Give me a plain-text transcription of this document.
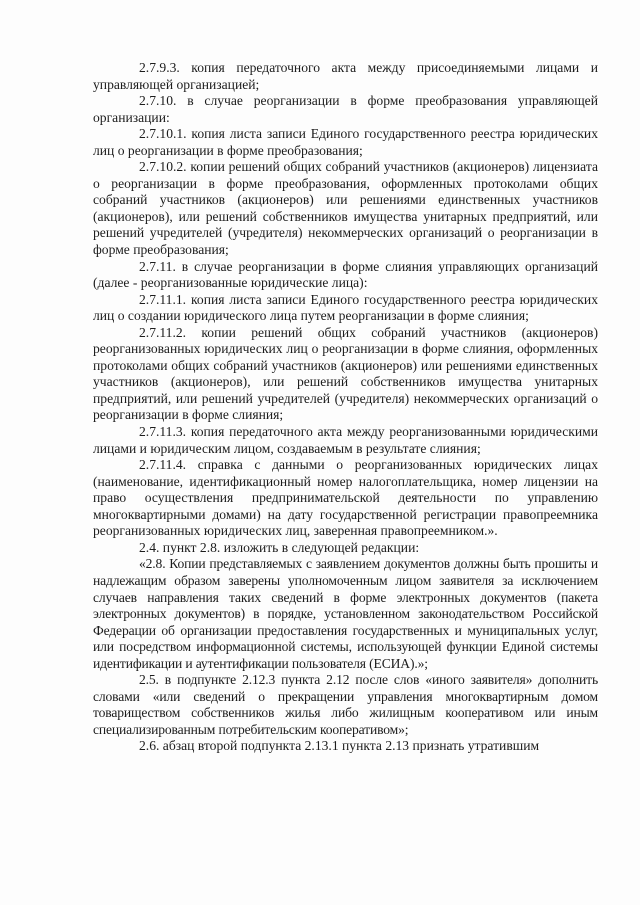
2.7.9.3. копия передаточного акта между присоединяемыми лицами и управляющей организацией;

2.7.10. в случае реорганизации в форме преобразования управляющей организации:

2.7.10.1. копия листа записи Единого государственного реестра юридических лиц о реорганизации в форме преобразования;

2.7.10.2. копии решений общих собраний участников (акционеров) лицензиата о реорганизации в форме преобразования, оформленных протоколами общих собраний участников (акционеров) или решениями единственных участников (акционеров), или решений собственников имущества унитарных предприятий, или решений учредителей (учредителя) некоммерческих организаций о реорганизации в форме преобразования;

2.7.11. в случае реорганизации в форме слияния управляющих организаций (далее - реорганизованные юридические лица):

2.7.11.1. копия листа записи Единого государственного реестра юридических лиц о создании юридического лица путем реорганизации в форме слияния;

2.7.11.2. копии решений общих собраний участников (акционеров) реорганизованных юридических лиц о реорганизации в форме слияния, оформленных протоколами общих собраний участников (акционеров) или решениями единственных участников (акционеров), или решений собственников имущества унитарных предприятий, или решений учредителей (учредителя) некоммерческих организаций о реорганизации в форме слияния;

2.7.11.3. копия передаточного акта между реорганизованными юридическими лицами и юридическим лицом, создаваемым в результате слияния;

2.7.11.4. справка с данными о реорганизованных юридических лицах (наименование, идентификационный номер налогоплательщика, номер лицензии на право осуществления предпринимательской деятельности по управлению многоквартирными домами) на дату государственной регистрации правопреемника реорганизованных юридических лиц, заверенная правопреемником.».

2.4. пункт 2.8. изложить в следующей редакции:

«2.8. Копии представляемых с заявлением документов должны быть прошиты и надлежащим образом заверены уполномоченным лицом заявителя за исключением случаев направления таких сведений в форме электронных документов (пакета электронных документов) в порядке, установленном законодательством Российской Федерации об организации предоставления государственных и муниципальных услуг, или посредством информационной системы, использующей функции Единой системы идентификации и аутентификации пользователя (ЕСИА).»;

2.5. в подпункте 2.12.3 пункта 2.12 после слов «иного заявителя» дополнить словами «или сведений о прекращении управления многоквартирным домом товариществом собственников жилья либо жилищным кооперативом или иным специализированным потребительским кооперативом»;

2.6. абзац второй подпункта 2.13.1 пункта 2.13 признать утратившим
